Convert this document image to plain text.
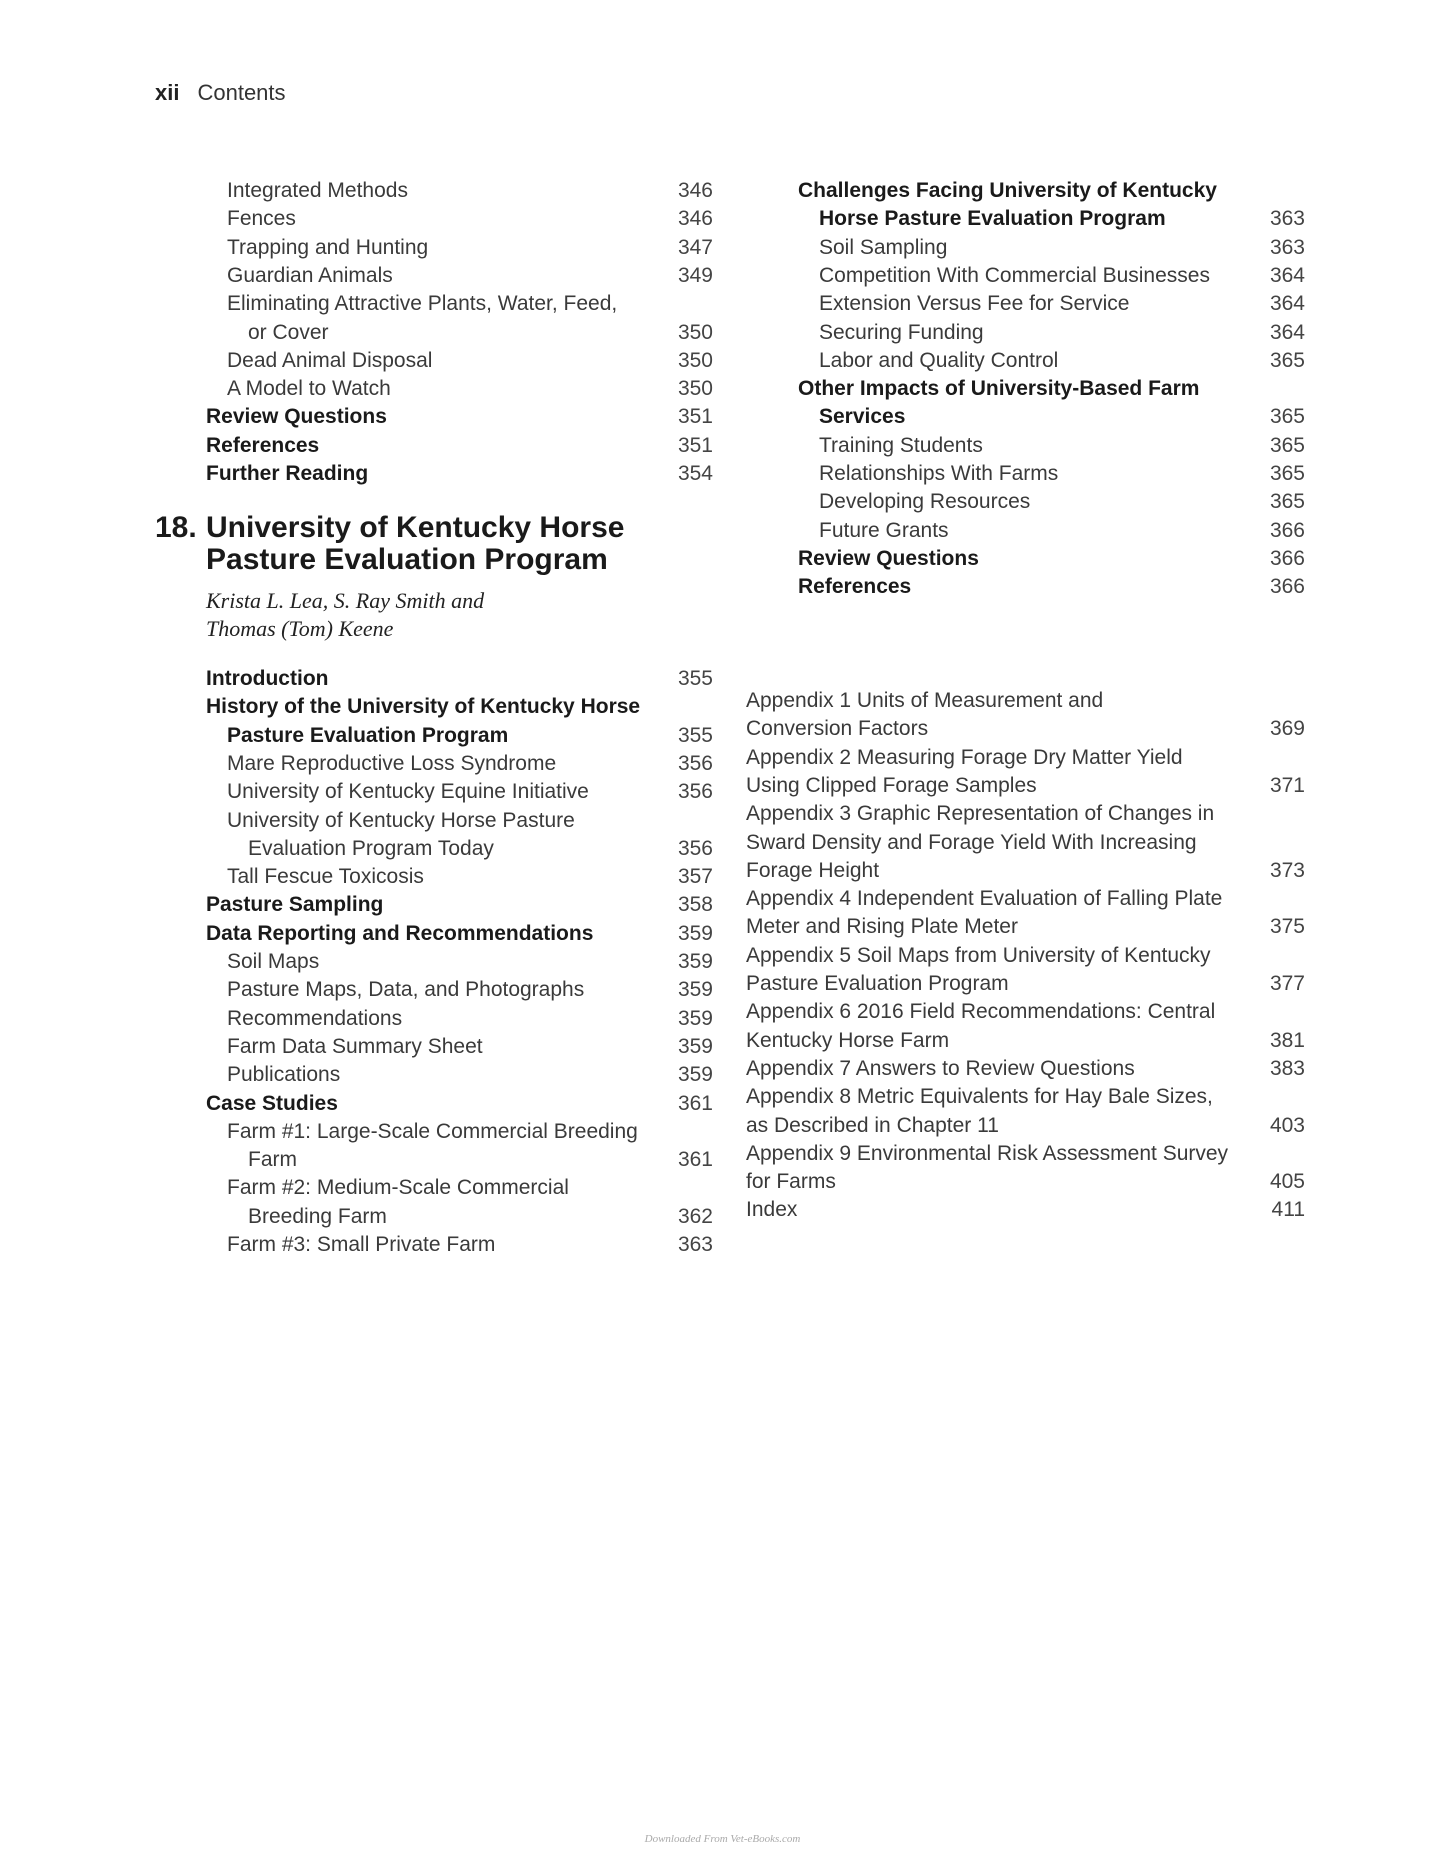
xii Contents
Integrated Methods	346
Fences	346
Trapping and Hunting	347
Guardian Animals	349
Eliminating Attractive Plants, Water, Feed,
or Cover	350
Dead Animal Disposal	350
A Model to Watch	350
Review Questions	351
References	351
Further Reading	354
18. University of Kentucky Horse
Pasture Evaluation Program
Krista L. Lea, S. Ray Smith and
Thomas (Tom) Keene
Introduction	355
History of the University of Kentucky Horse
Pasture Evaluation Program	355
Mare Reproductive Loss Syndrome	356
University of Kentucky Equine Initiative	356
University of Kentucky Horse Pasture
Evaluation Program Today	356
Tall Fescue Toxicosis	357
Pasture Sampling	358
Data Reporting and Recommendations	359
Soil Maps	359
Pasture Maps, Data, and Photographs	359
Recommendations	359
Farm Data Summary Sheet	359
Publications	359
Case Studies	361
Farm #1: Large-Scale Commercial Breeding
Farm	361
Farm #2: Medium-Scale Commercial
Breeding Farm	362
Farm #3: Small Private Farm	363
Challenges Facing University of Kentucky
Horse Pasture Evaluation Program	363
Soil Sampling	363
Competition With Commercial Businesses	364
Extension Versus Fee for Service	364
Securing Funding	364
Labor and Quality Control	365
Other Impacts of University-Based Farm
Services	365
Training Students	365
Relationships With Farms	365
Developing Resources	365
Future Grants	366
Review Questions	366
References	366
Appendix 1 Units of Measurement and
Conversion Factors	369
Appendix 2 Measuring Forage Dry Matter Yield
Using Clipped Forage Samples	371
Appendix 3 Graphic Representation of Changes in
Sward Density and Forage Yield With Increasing
Forage Height	373
Appendix 4 Independent Evaluation of Falling Plate
Meter and Rising Plate Meter	375
Appendix 5 Soil Maps from University of Kentucky
Pasture Evaluation Program	377
Appendix 6 2016 Field Recommendations: Central
Kentucky Horse Farm	381
Appendix 7 Answers to Review Questions	383
Appendix 8 Metric Equivalents for Hay Bale Sizes,
as Described in Chapter 11	403
Appendix 9 Environmental Risk Assessment Survey
for Farms	405
Index	411
Downloaded From Vet-eBooks.com
